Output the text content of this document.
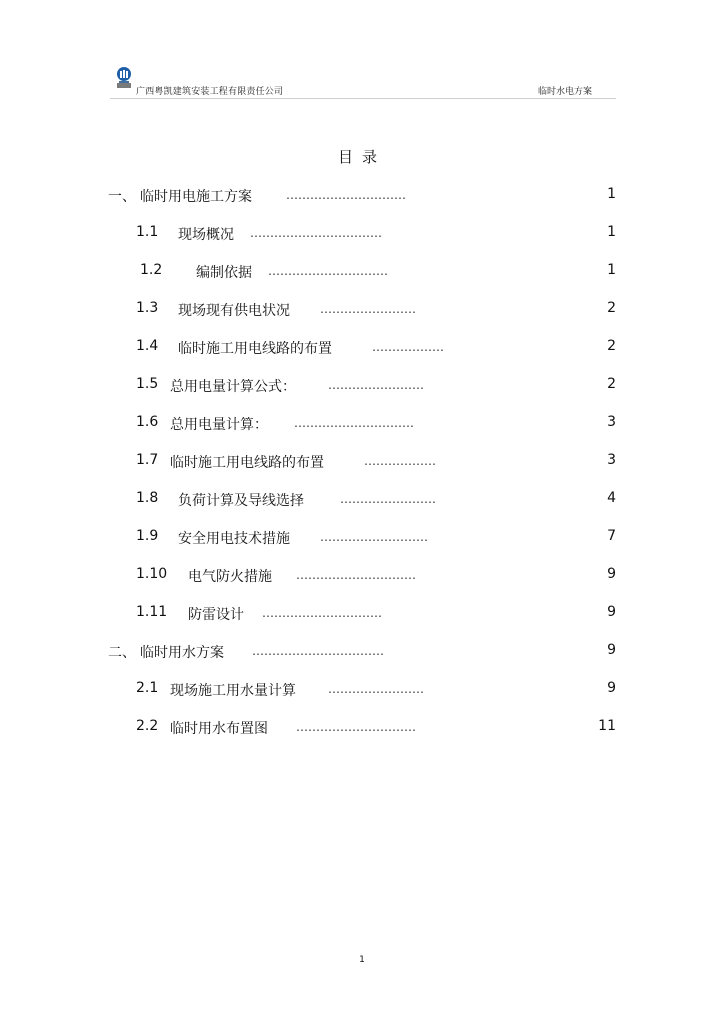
广西粤凯建筑安装工程有限责任公司	临时水电方案
目录
一、 临时用电施工方案	…………………………	1
1.1 现场概况 ……………………………	1
1.2 编制依据 …………………………	1
1.3 现场现有供电状况	……………………	2
1.4 临时施工用电线路的布置	………………	2
1.5 总用电量计算公式：	……………………	2
1.6 总用电量计算： …………………………	3
1.7 临时施工用电线路的布置	………………	3
1.8 负荷计算及导线选择	……………………	4
1.9 安全用电技术措施	………………………	7
1.10 电气防火措施 …………………………	9
1.11 防雷设计 …………………………	9
二、 临时用水方案 ……………………………	9
2.1 现场施工用水量计算	……………………	9
2.2 临时用水布置图 …………………………	11
1
